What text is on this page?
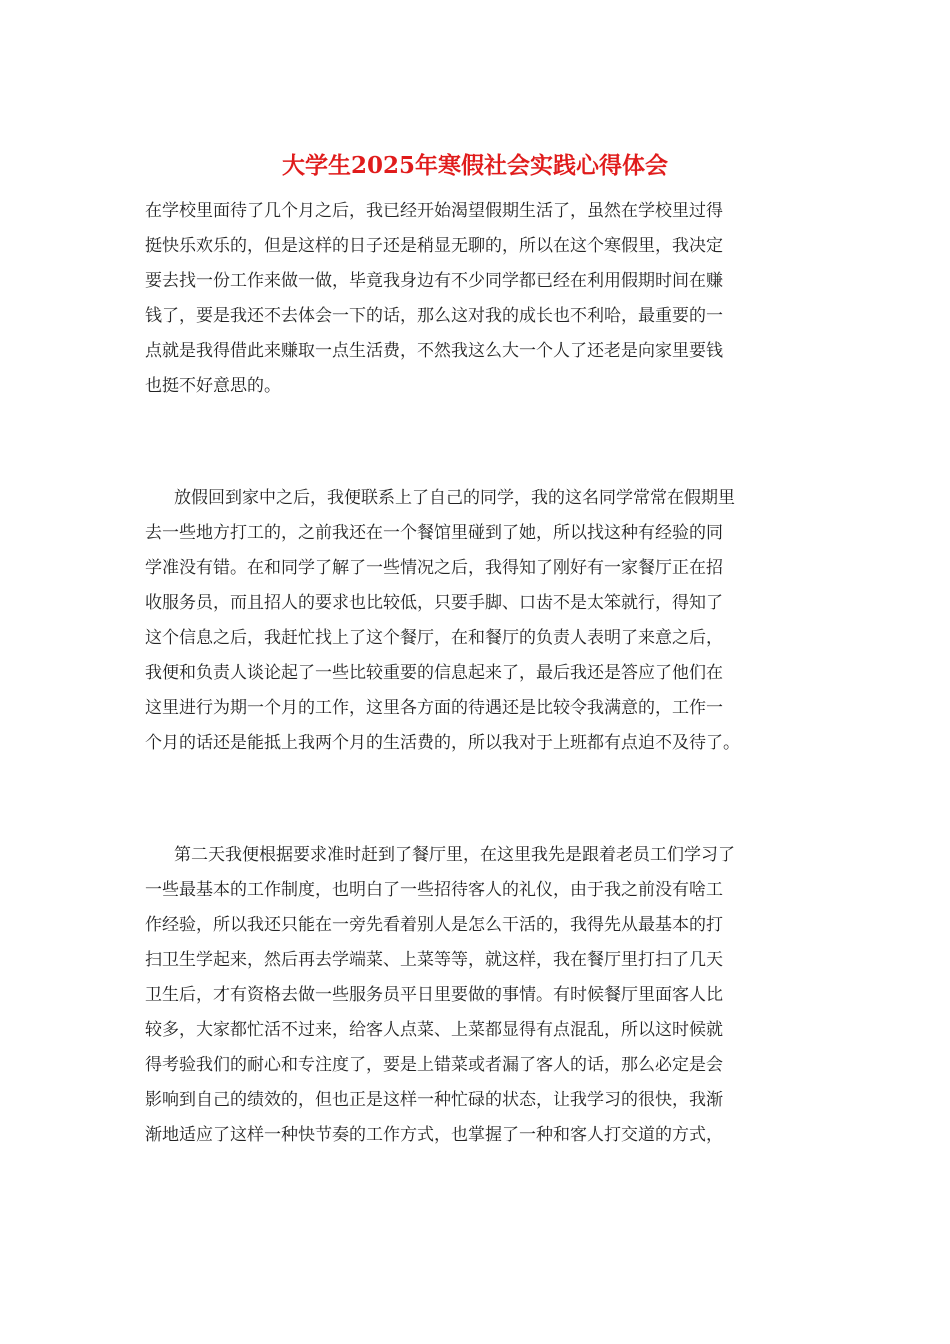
大学生2025年寒假社会实践心得体会

在学校里面待了几个月之后，我已经开始渴望假期生活了，虽然在学校里过得

挺快乐欢乐的，但是这样的日子还是稍显无聊的，所以在这个寒假里，我决定

要去找一份工作来做一做，毕竟我身边有不少同学都已经在利用假期时间在赚

钱了，要是我还不去体会一下的话，那么这对我的成长也不利哈，最重要的一

点就是我得借此来赚取一点生活费，不然我这么大一个人了还老是向家里要钱

也挺不好意思的。

放假回到家中之后，我便联系上了自己的同学，我的这名同学常常在假期里

去一些地方打工的，之前我还在一个餐馆里碰到了她，所以找这种有经验的同

学准没有错。在和同学了解了一些情况之后，我得知了刚好有一家餐厅正在招

收服务员，而且招人的要求也比较低，只要手脚、口齿不是太笨就行，得知了

这个信息之后，我赶忙找上了这个餐厅，在和餐厅的负责人表明了来意之后，

我便和负责人谈论起了一些比较重要的信息起来了，最后我还是答应了他们在

这里进行为期一个月的工作，这里各方面的待遇还是比较令我满意的，工作一

个月的话还是能抵上我两个月的生活费的，所以我对于上班都有点迫不及待了。

第二天我便根据要求准时赶到了餐厅里，在这里我先是跟着老员工们学习了

一些最基本的工作制度，也明白了一些招待客人的礼仪，由于我之前没有啥工

作经验，所以我还只能在一旁先看着别人是怎么干活的，我得先从最基本的打

扫卫生学起来，然后再去学端菜、上菜等等，就这样，我在餐厅里打扫了几天

卫生后，才有资格去做一些服务员平日里要做的事情。有时候餐厅里面客人比

较多，大家都忙活不过来，给客人点菜、上菜都显得有点混乱，所以这时候就

得考验我们的耐心和专注度了，要是上错菜或者漏了客人的话，那么必定是会

影响到自己的绩效的，但也正是这样一种忙碌的状态，让我学习的很快，我渐

渐地适应了这样一种快节奏的工作方式，也掌握了一种和客人打交道的方式，
